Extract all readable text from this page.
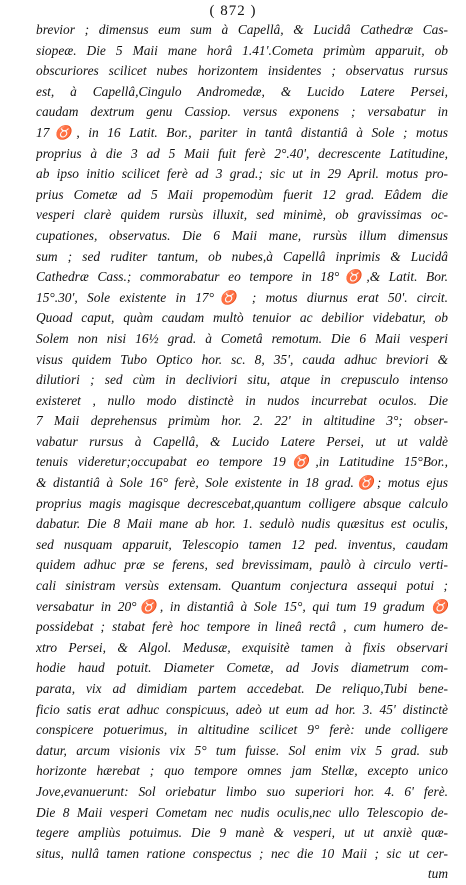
( 872 )
brevior ; dimensus eum sum à Capellâ, & Lucidâ Cathedræ Cas-
siopeæ. Die 5 Maii mane horâ 1.41'.Cometa primùm apparuit, ob
obscuriores scilicet nubes horizontem insidentes ; observatus rursus
est, à Capellâ,Cingulo Andromedæ, & Lucido Latere Persei,
caudam dextrum genu Cassiop. versus exponens ; versabatur in
17♉, in 16 Latit. Bor., pariter in tantâ distantiâ à Sole ; motus
proprius à die 3 ad 5 Maii fuit ferè 2°.40', decrescente Latitudine,
ab ipso initio scilicet ferè ad 3 grad.; sic ut in 29 April. motus pro-
prius Cometæ ad 5 Maii propemodùm fuerit 12 grad. Eâdem die
vesperi clarè quidem rursùs illuxit, sed minimè, ob gravissimas oc-
cupationes, observatus. Die 6 Maii mane, rursùs illum dimensus
sum ; sed ruditer tantum, ob nubes,à Capellâ inprimis & Lucidâ
Cathedræ Cass.; commorabatur eo tempore in 18°♉,& Latit. Bor.
15°.30', Sole existente in 17°♉ ; motus diurnus erat 50'. circit.
Quoad caput, quàm caudam multò tenuior ac debilior videbatur, ob
Solem non nisi 16½ grad. à Cometâ remotum. Die 6 Maii vesperi
visus quidem Tubo Optico hor. sc. 8, 35', cauda adhuc breviori &
dilutiori ; sed cùm in decliviori situ, atque in crepusculo intenso
existeret , nullo modo distinctè in nudos incurrebat oculos. Die
7 Maii deprehensus primùm hor. 2. 22' in altitudine 3°; obser-
vabatur rursus à Capellâ, & Lucido Latere Persei, ut ut valdè
tenuis videretur;occupabat eo tempore 19♉,in Latitudine 15°Bor.,
& distantiâ à Sole 16° ferè, Sole existente in 18 grad.♉; motus ejus
proprius magis magisque decrescebat,quantum colligere absque calculo
dabatur. Die 8 Maii mane ab hor. 1. sedulò nudis quæsitus est oculis,
sed nusquam apparuit, Telescopio tamen 12 ped. inventus, caudam
quidem adhuc præ se ferens, sed brevissimam, paulò à circulo verti-
cali sinistram versùs extensam. Quantum conjectura assequi potui ;
versabatur in 20°♉, in distantiâ à Sole 15°, qui tum 19 gradum ♉
possidebat ; stabat ferè hoc tempore in lineâ rectâ , cum humero de-
xtro Persei, & Algol. Medusæ, exquisitè tamen à fixis observari
hodie haud potuit. Diameter Cometæ, ad Jovis diametrum com-
parata, vix ad dimidiam partem accedebat. De reliquo,Tubi bene-
ficio satis erat adhuc conspicuus, adeò ut eum ad hor. 3. 45' distinctè
conspicere potuerimus, in altitudine scilicet 9° ferè: unde colligere
datur, arcum visionis vix 5° tum fuisse. Sol enim vix 5 grad. sub
horizonte hærebat ; quo tempore omnes jam Stellæ, excepto unico
Jove,evanuerunt: Sol oriebatur limbo suo superiori hor. 4. 6' ferè.
Die 8 Maii vesperi Cometam nec nudis oculis,nec ullo Telescopio de-
tegere ampliùs potuimus. Die 9 manè & vesperi, ut ut anxiè quæ-
situs, nullâ tamen ratione conspectus ; nec die 10 Maii ; sic ut cer-
tum
